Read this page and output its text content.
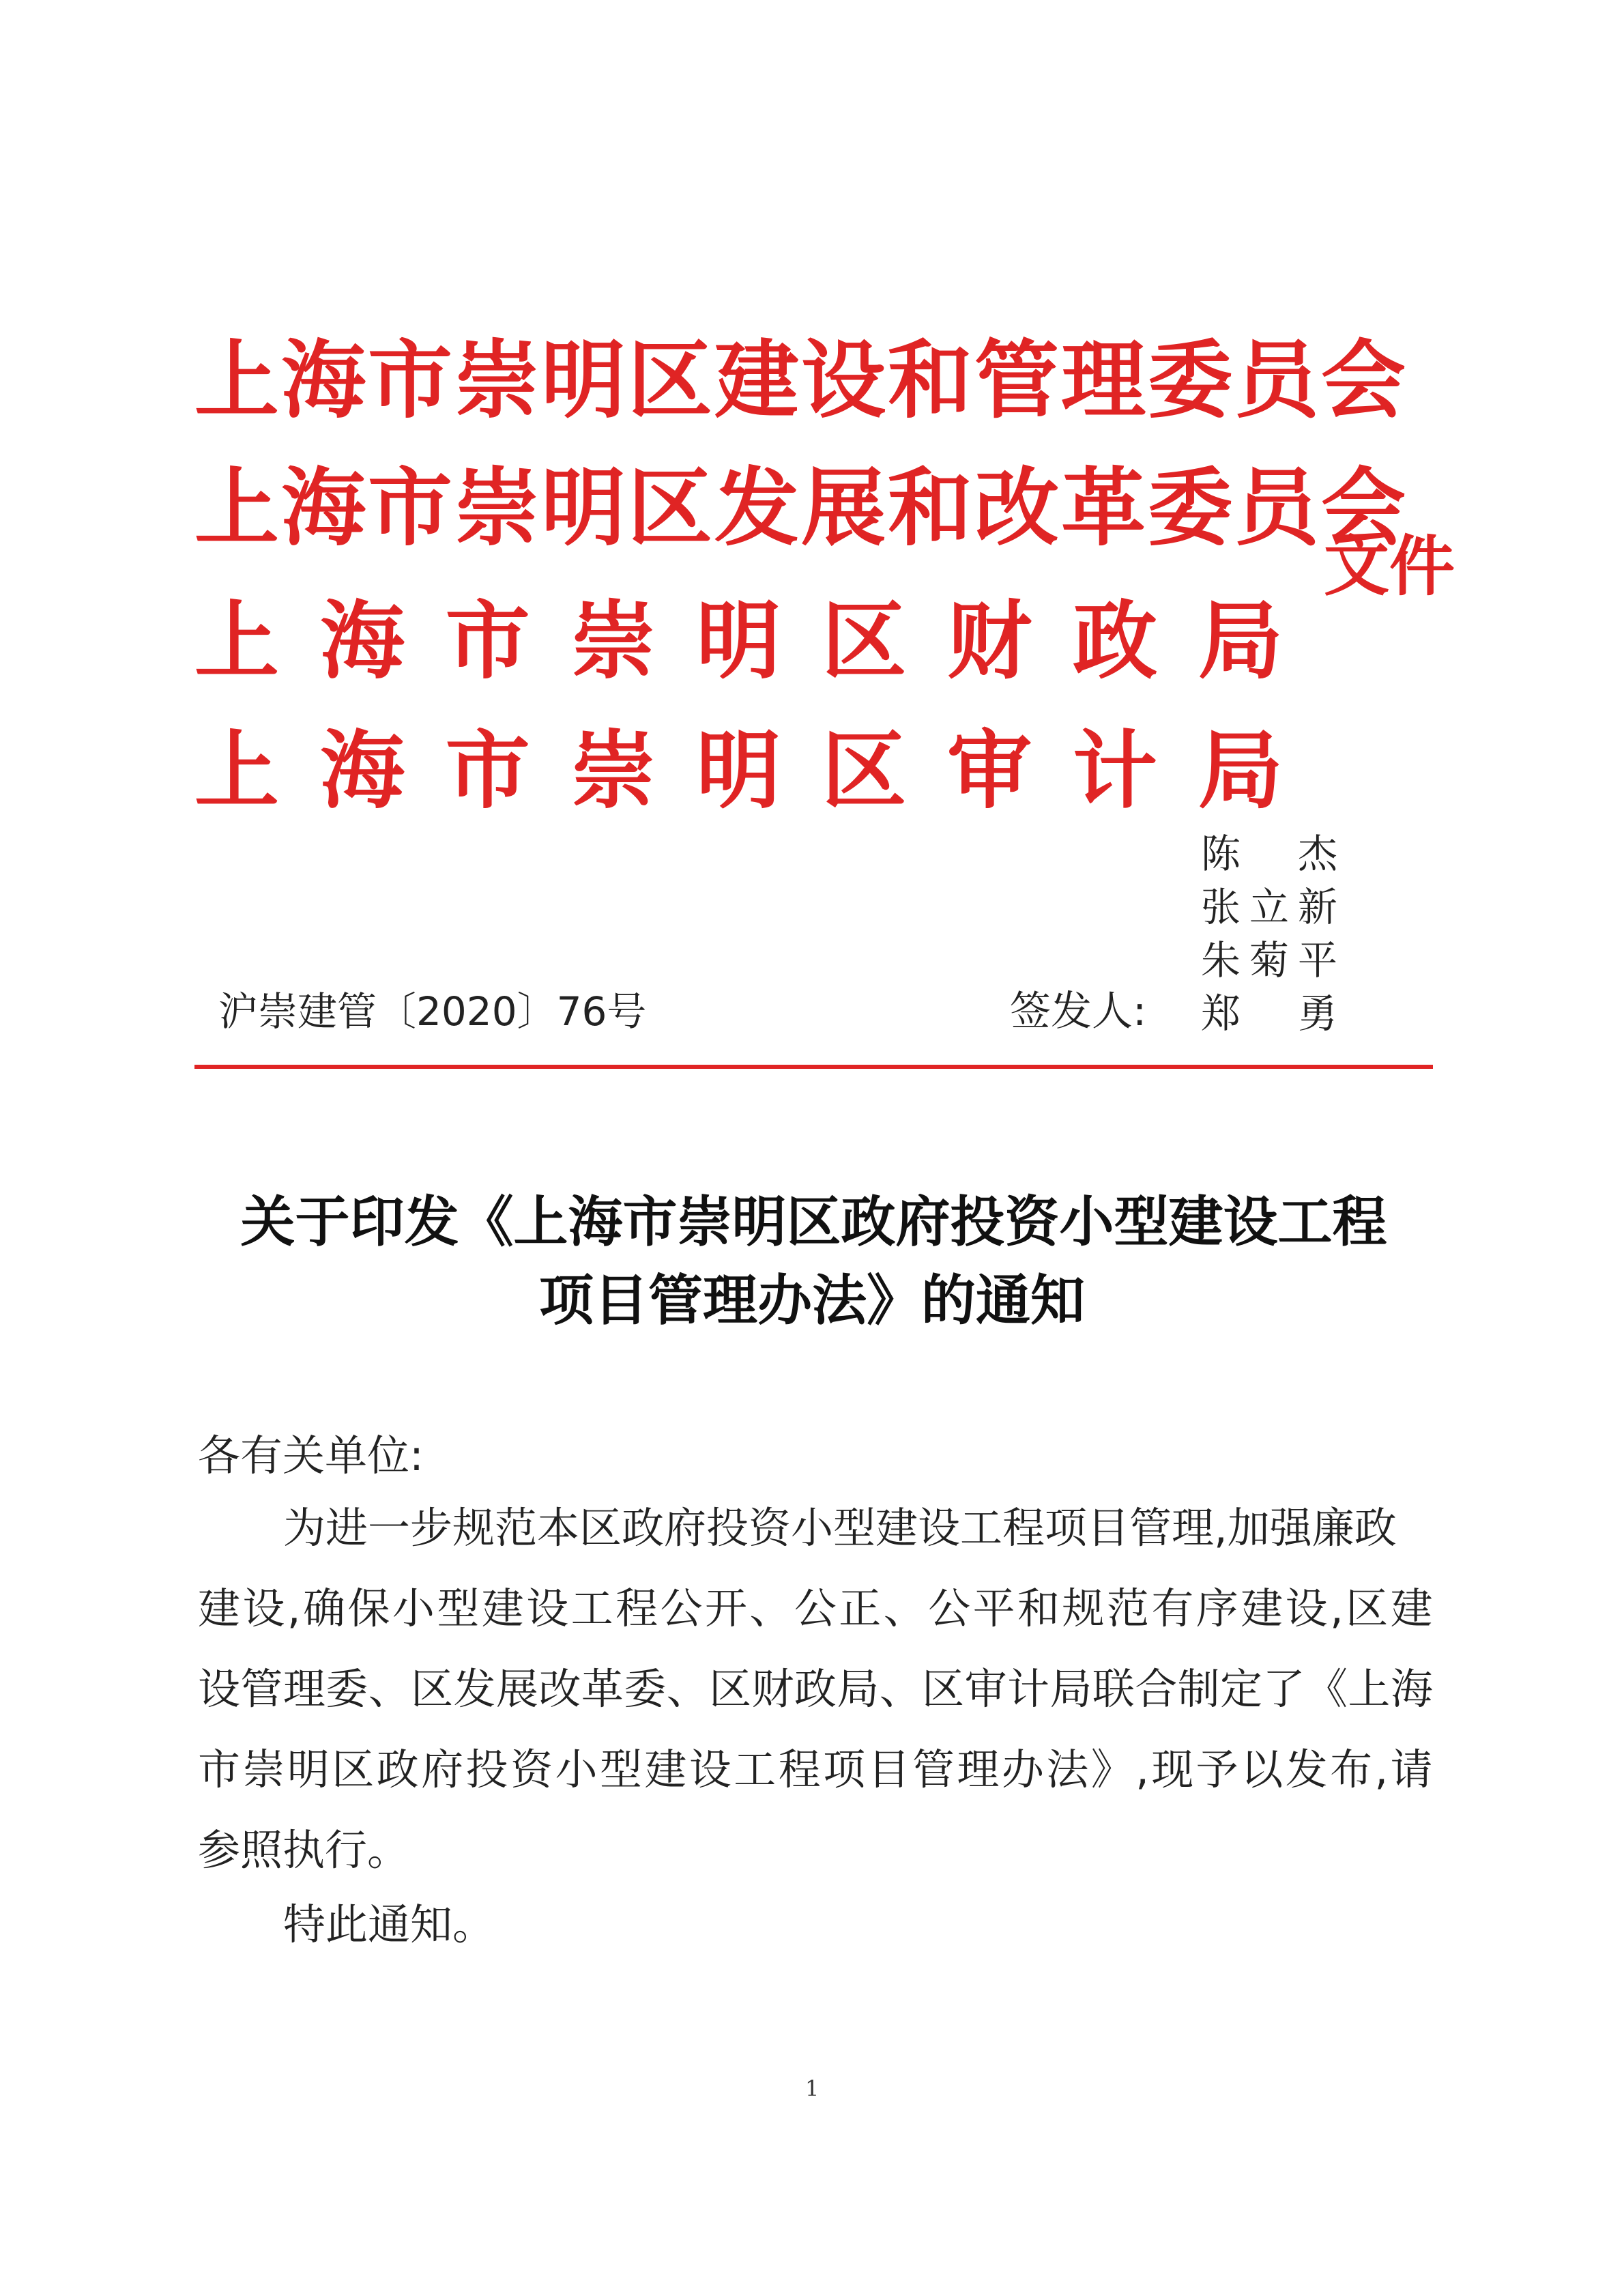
上海市崇明区建设和管理委员会
上海市崇明区发展和改革委员会
上 海 市 崇 明 区 财 政 局
上 海 市 崇 明 区 审 计 局
文件
陈 杰
张 立 新
朱 菊 平
郑 勇
沪崇建管〔2020〕76号	签发人:
关于印发《上海市崇明区政府投资小型建设工程
项目管理办法》的通知
各有关单位:
为进一步规范本区政府投资小型建设工程项目管理,加强廉政
建 设 , 确 保 小 型 建 设 工 程 公 开 、 公 正 、 公 平 和 规 范 有 序 建 设 , 区 建
设 管 理 委 、 区 发 展 改 革 委 、 区 财 政 局 、 区 审 计 局 联 合 制 定 了 《 上 海
市 崇 明 区 政 府 投 资 小 型 建 设 工 程 项 目 管 理 办 法 》 , 现 予 以 发 布 , 请
参照执行。
特此通知。
1
